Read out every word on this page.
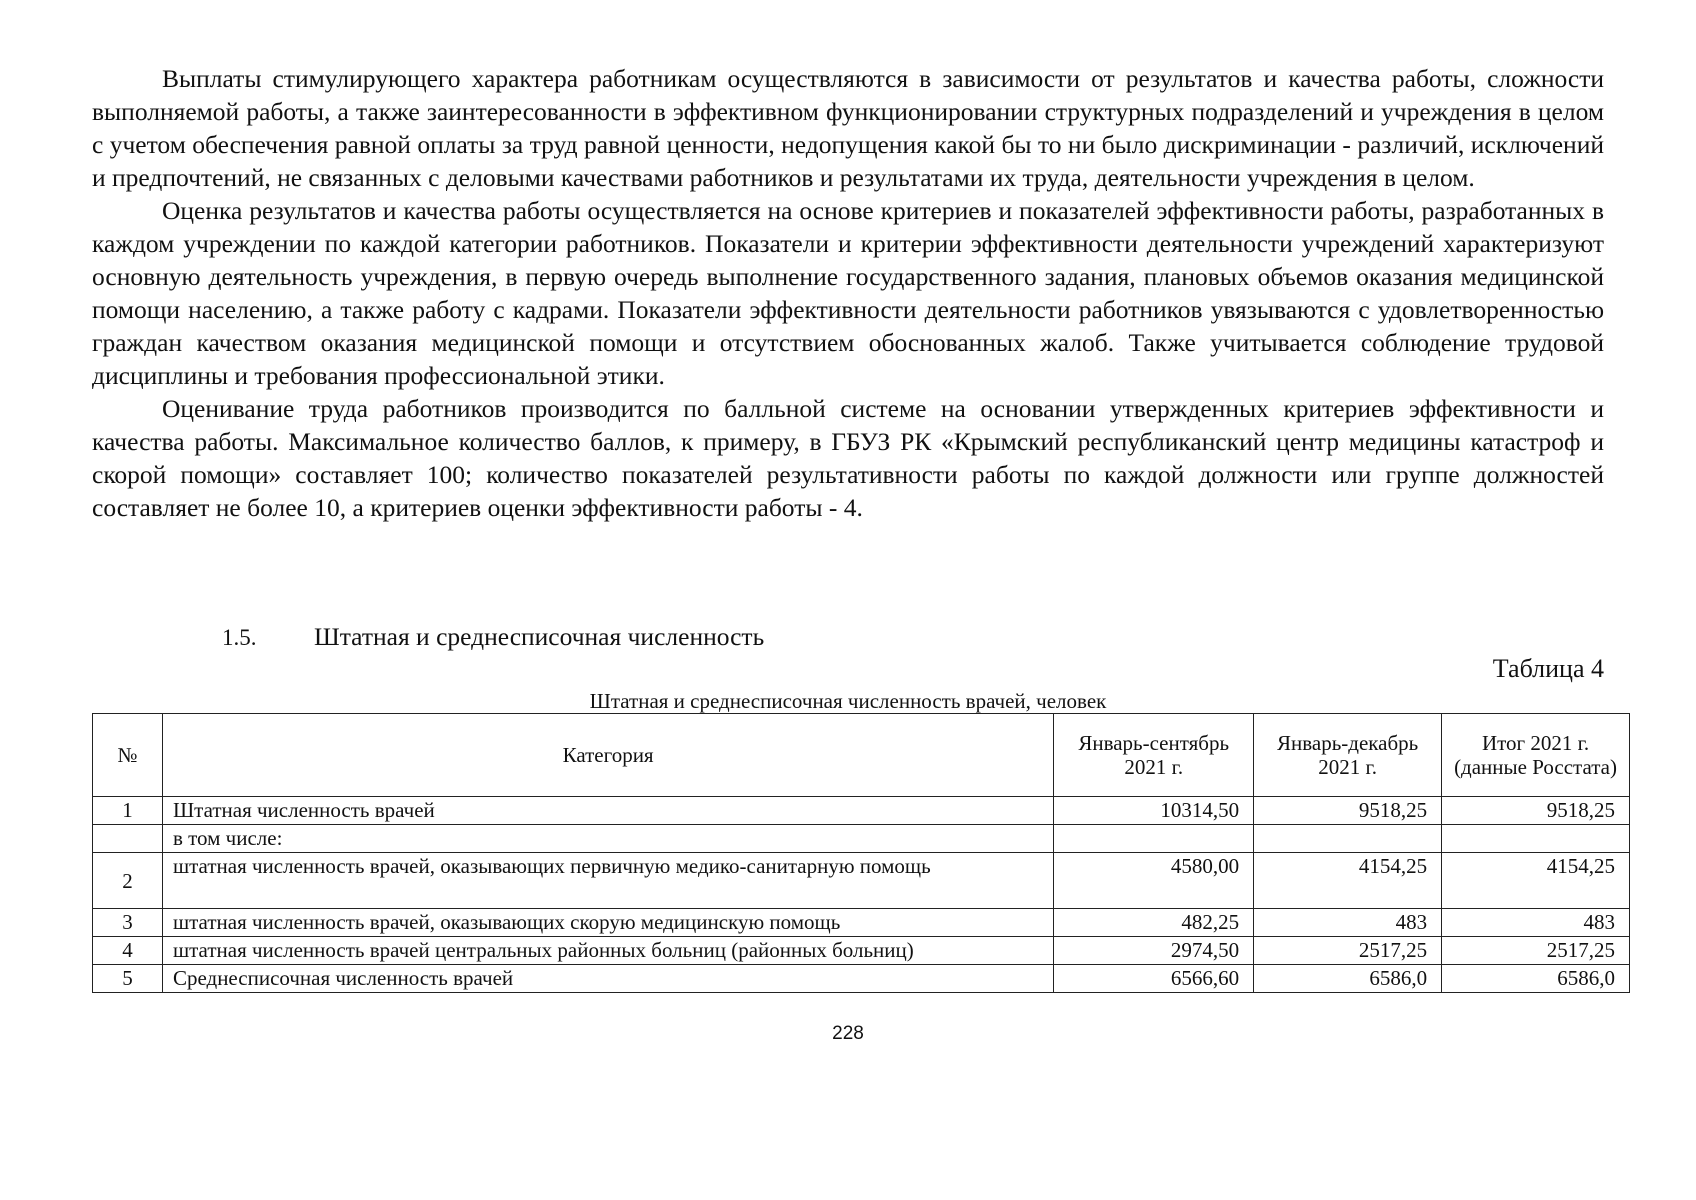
Выплаты стимулирующего характера работникам осуществляются в зависимости от результатов и качества работы, сложности выполняемой работы, а также заинтересованности в эффективном функционировании структурных подразделений и учреждения в целом с учетом обеспечения равной оплаты за труд равной ценности, недопущения какой бы то ни было дискриминации - различий, исключений и предпочтений, не связанных с деловыми качествами работников и результатами их труда, деятельности учреждения в целом.

Оценка результатов и качества работы осуществляется на основе критериев и показателей эффективности работы, разработанных в каждом учреждении по каждой категории работников. Показатели и критерии эффективности деятельности учреждений характеризуют основную деятельность учреждения, в первую очередь выполнение государственного задания, плановых объемов оказания медицинской помощи населению, а также работу с кадрами. Показатели эффективности деятельности работников увязываются с удовлетворенностью граждан качеством оказания медицинской помощи и отсутствием обоснованных жалоб. Также учитывается соблюдение трудовой дисциплины и требования профессиональной этики.

Оценивание труда работников производится по балльной системе на основании утвержденных критериев эффективности и качества работы. Максимальное количество баллов, к примеру, в ГБУЗ РК «Крымский республиканский центр медицины катастроф и скорой помощи» составляет 100; количество показателей результативности работы по каждой должности или группе должностей составляет не более 10, а критериев оценки эффективности работы - 4.

1.5. Штатная и среднесписочная численность
Таблица 4
Штатная и среднесписочная численность врачей, человек
№	Категория	Январь-сентябрь 2021 г.	Январь-декабрь 2021 г.	Итог 2021 г. (данные Росстата)
1	Штатная численность врачей	10314,50	9518,25	9518,25
	в том числе:			
2	штатная численность врачей, оказывающих первичную медико-санитарную помощь	4580,00	4154,25	4154,25
3	штатная численность врачей, оказывающих скорую медицинскую помощь	482,25	483	483
4	штатная численность врачей центральных районных больниц (районных больниц)	2974,50	2517,25	2517,25
5	Среднесписочная численность врачей	6566,60	6586,0	6586,0
228
